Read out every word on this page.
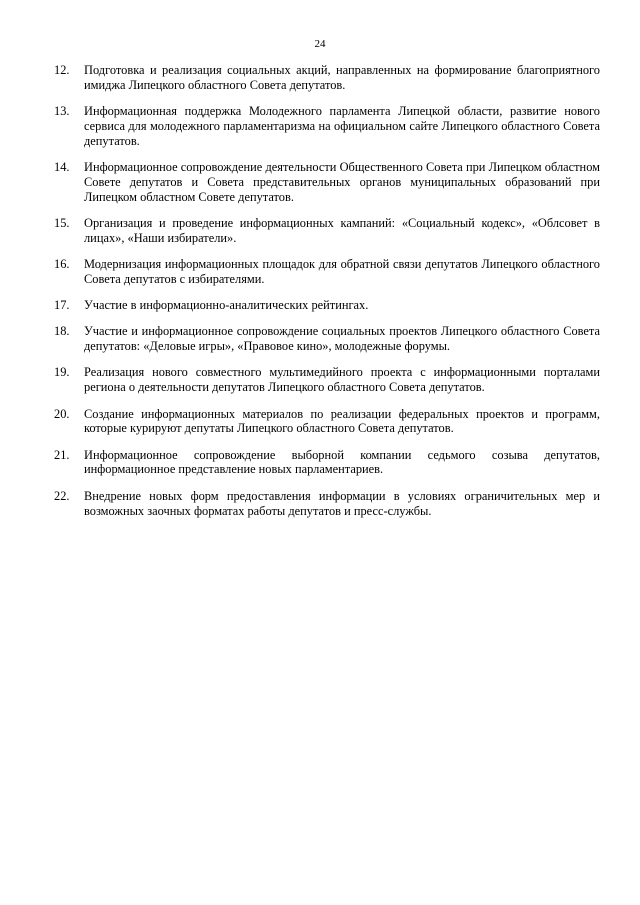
24
12.	Подготовка и реализация социальных акций, направленных на формирование благоприятного имиджа Липецкого областного Совета депутатов.
13.	Информационная поддержка Молодежного парламента Липецкой области, развитие нового сервиса для молодежного парламентаризма на официальном сайте Липецкого областного Совета депутатов.
14.	Информационное сопровождение деятельности Общественного Совета при Липецком областном Совете депутатов и Совета представительных органов муниципальных образований при Липецком областном Совете депутатов.
15.	Организация и проведение информационных кампаний: «Социальный кодекс», «Облсовет в лицах», «Наши избиратели».
16.	Модернизация информационных площадок для обратной связи депутатов Липецкого областного Совета депутатов с избирателями.
17.	Участие в информационно-аналитических рейтингах.
18.	Участие и информационное сопровождение социальных проектов Липецкого областного Совета депутатов: «Деловые игры», «Правовое кино», молодежные форумы.
19.	Реализация нового совместного мультимедийного проекта с информационными порталами региона о деятельности депутатов Липецкого областного Совета депутатов.
20.	Создание информационных материалов по реализации федеральных проектов и программ, которые курируют депутаты Липецкого областного Совета депутатов.
21.	Информационное сопровождение выборной компании седьмого созыва депутатов, информационное представление новых парламентариев.
22.	Внедрение новых форм предоставления информации в условиях ограничительных мер и возможных заочных форматах работы депутатов и пресс-службы.
